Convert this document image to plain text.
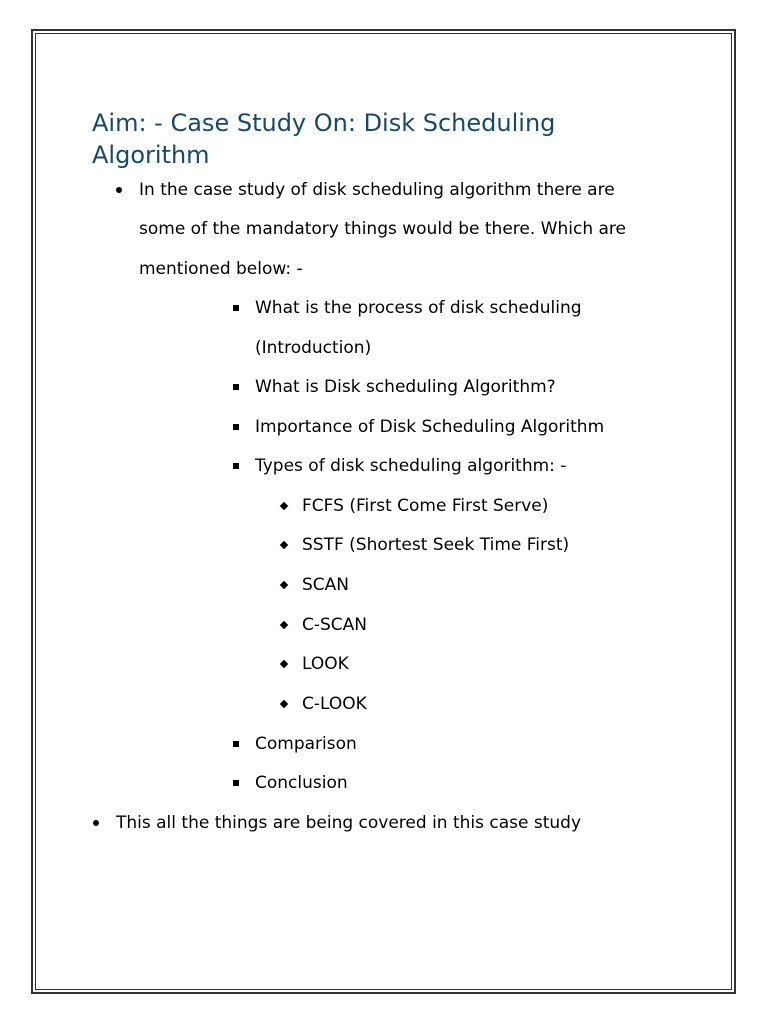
Aim: - Case Study On: Disk Scheduling Algorithm
In the case study of disk scheduling algorithm there are
some of the mandatory things would be there. Which are
mentioned below: -
What is the process of disk scheduling
(Introduction)
What is Disk scheduling Algorithm?
Importance of Disk Scheduling Algorithm
Types of disk scheduling algorithm: -
FCFS (First Come First Serve)
SSTF (Shortest Seek Time First)
SCAN
C-SCAN
LOOK
C-LOOK
Comparison
Conclusion
This all the things are being covered in this case study
